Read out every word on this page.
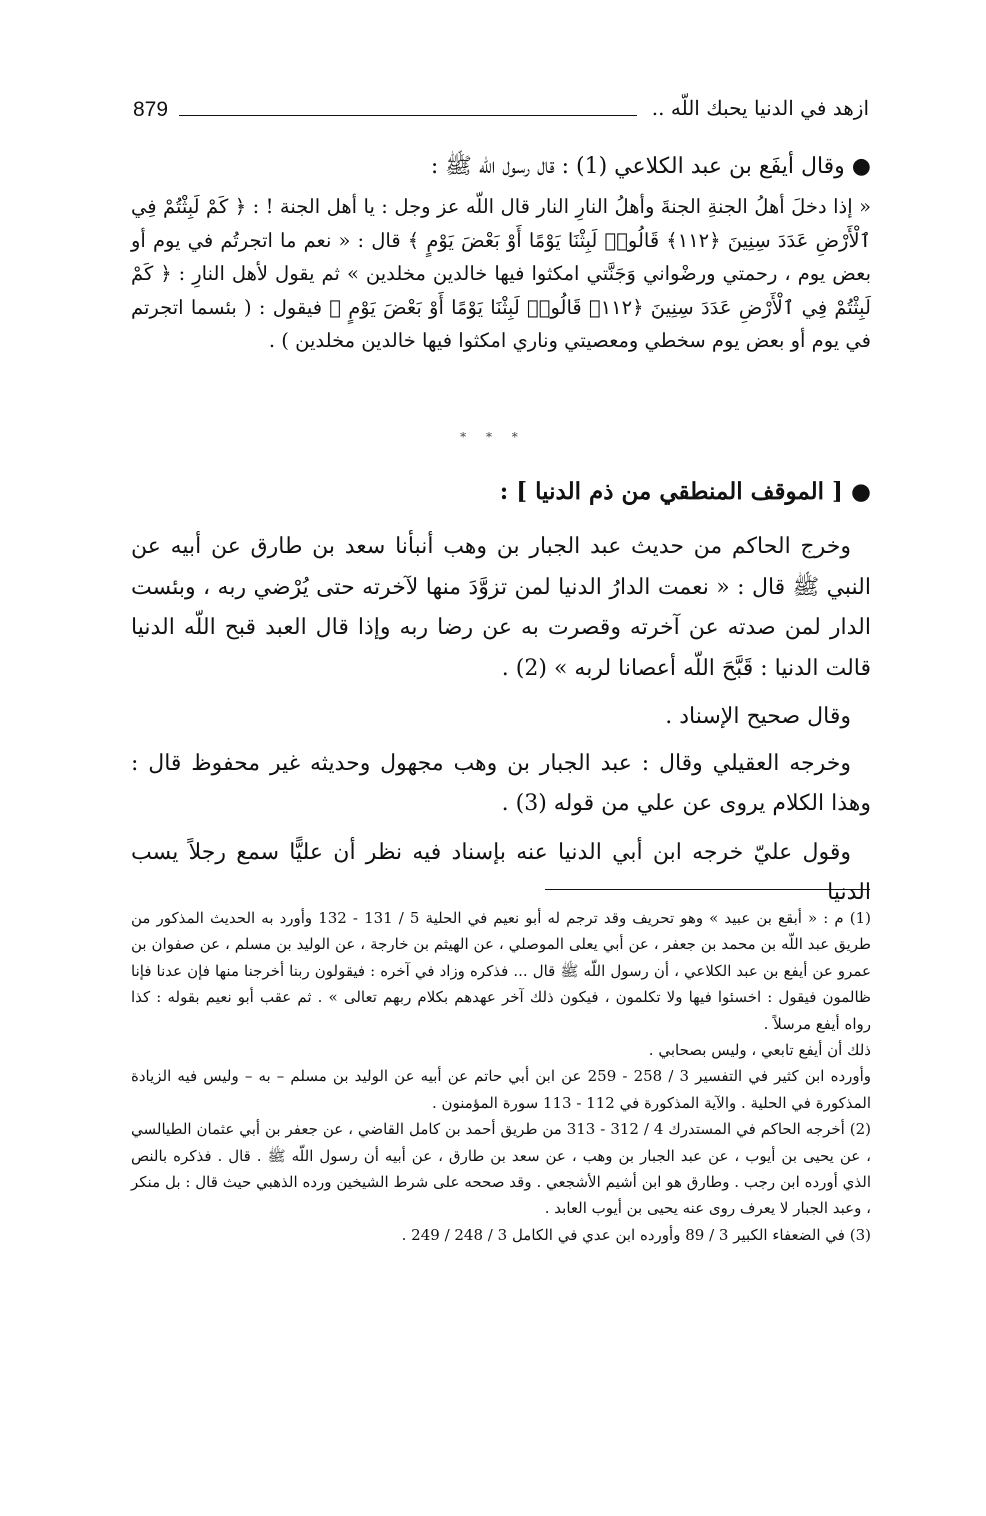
879	ازهد في الدنيا يحبك اللّه ..
● وقال أيفَع بن عبد الكلاعي (1) : قال رسول اللّه ﷺ :
« إذا دخلَ أهلُ الجنةِ الجنةَ وأهلُ النارِ النار قال اللّه عز وجل : يا أهل الجنة ! : ﴿ كَمْ لَبِثْتُمْ فِي ٱلْأَرْضِ عَدَدَ سِنِينَ ﴿١١٢﴾ قَالُوا۟ لَبِثْنَا يَوْمًا أَوْ بَعْضَ يَوْمٍ ﴾ قال : « نعم ما اتجرتُم في يوم أو بعض يوم ، رحمتي ورضْواني وَجَنَّتي امكثوا فيها خالدين مخلدين » ثم يقول لأهل النارِ : ﴿ كَمْ لَبِثْتُمْ فِي ٱلْأَرْضِ عَدَدَ سِنِينَ ﴿١١٢﴾ قَالُوا۟ لَبِثْنَا يَوْمًا أَوْ بَعْضَ يَوْمٍ ﴾ فيقول : ( بئسما اتجرتم في يوم أو بعض يوم سخطي ومعصيتي وناري امكثوا فيها خالدين مخلدين ) .
* * *
● [ الموقف المنطقي من ذم الدنيا ] :

وخرج الحاكم من حديث عبد الجبار بن وهب أنبأنا سعد بن طارق عن أبيه عن النبي ﷺ قال : « نعمت الدارُ الدنيا لمن تزوَّدَ منها لآخرته حتى يُرْضي ربه ، وبئست الدار لمن صدته عن آخرته وقصرت به عن رضا ربه وإذا قال العبد قبح اللّه الدنيا قالت الدنيا : قَبَّحَ اللّه أعصانا لربه » (2) .

وقال صحيح الإسناد .

وخرجه العقيلي وقال : عبد الجبار بن وهب مجهول وحديثه غير محفوظ قال : وهذا الكلام يروى عن علي من قوله (3) .

وقول عليّ خرجه ابن أبي الدنيا عنه بإسناد فيه نظر أن عليًّا سمع رجلاً يسب الدنيا

(1) م : « أبقع بن عبيد » وهو تحريف وقد ترجم له أبو نعيم في الحلية 5 / 131 - 132 وأورد به الحديث المذكور من طريق عبد اللّه بن محمد بن جعفر ، عن أبي يعلى الموصلي ، عن الهيثم بن خارجة ، عن الوليد بن مسلم ، عن صفوان بن عمرو عن أيفع بن عبد الكلاعي ، أن رسول اللّه ﷺ قال ... فذكره وزاد في آخره : فيقولون ربنا أخرجنا منها فإن عدنا فإنا ظالمون فيقول : اخسئوا فيها ولا تكلمون ، فيكون ذلك آخر عهدهم بكلام ربهم تعالى » . ثم عقب أبو نعيم بقوله : كذا رواه أيفع مرسلاً .

ذلك أن أيفع تابعي ، وليس بصحابي .

وأورده ابن كثير في التفسير 3 / 258 - 259 عن ابن أبي حاتم عن أبيه عن الوليد بن مسلم – به – وليس فيه الزيادة المذكورة في الحلية . والآية المذكورة في 112 - 113 سورة المؤمنون .

(2) أخرجه الحاكم في المستدرك 4 / 312 - 313 من طريق أحمد بن كامل القاضي ، عن جعفر بن أبي عثمان الطيالسي ، عن يحيى بن أيوب ، عن عبد الجبار بن وهب ، عن سعد بن طارق ، عن أبيه أن رسول اللّه ﷺ . قال . فذكره بالنص الذي أورده ابن رجب . وطارق هو ابن أشيم الأشجعي . وقد صححه على شرط الشيخين ورده الذهبي حيث قال : بل منكر ، وعبد الجبار لا يعرف روى عنه يحيى بن أيوب العابد .

(3) في الضعفاء الكبير 3 / 89 وأورده ابن عدي في الكامل 3 / 248 / 249 .
